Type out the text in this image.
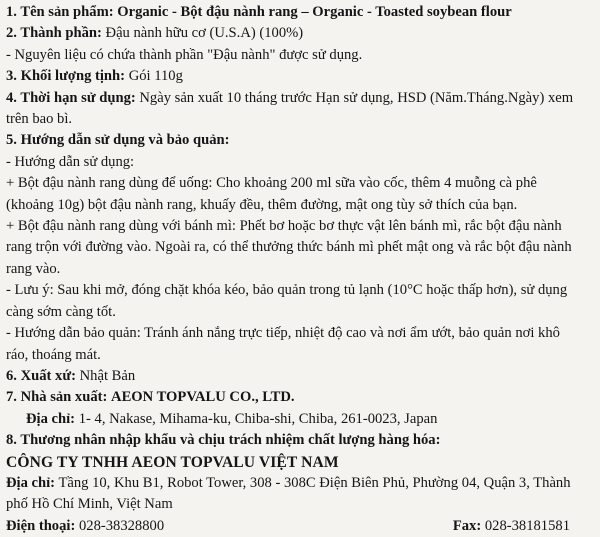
1. Tên sản phẩm: Organic - Bột đậu nành rang – Organic - Toasted soybean flour
2. Thành phần: Đậu nành hữu cơ (U.S.A) (100%)
- Nguyên liệu có chứa thành phần "Đậu nành" được sử dụng.
3. Khối lượng tịnh: Gói 110g
4. Thời hạn sử dụng: Ngày sản xuất 10 tháng trước Hạn sử dụng, HSD (Năm.Tháng.Ngày) xem
trên bao bì.
5. Hướng dẫn sử dụng và bảo quản:
- Hướng dẫn sử dụng:
+ Bột đậu nành rang dùng để uống: Cho khoảng 200 ml sữa vào cốc, thêm 4 muỗng cà phê
(khoảng 10g) bột đậu nành rang, khuấy đều, thêm đường, mật ong tùy sở thích của bạn.
+ Bột đậu nành rang dùng với bánh mì: Phết bơ hoặc bơ thực vật lên bánh mì, rắc bột đậu nành
rang trộn với đường vào. Ngoài ra, có thể thưởng thức bánh mì phết mật ong và rắc bột đậu nành
rang vào.
- Lưu ý: Sau khi mở, đóng chặt khóa kéo, bảo quản trong tủ lạnh (10°C hoặc thấp hơn), sử dụng
càng sớm càng tốt.
- Hướng dẫn bảo quản: Tránh ánh nắng trực tiếp, nhiệt độ cao và nơi ẩm ướt, bảo quản nơi khô
ráo, thoáng mát.
6. Xuất xứ: Nhật Bản
7. Nhà sản xuất: AEON TOPVALU CO., LTD.
Địa chỉ: 1- 4, Nakase, Mihama-ku, Chiba-shi, Chiba, 261-0023, Japan
8. Thương nhân nhập khẩu và chịu trách nhiệm chất lượng hàng hóa:
CÔNG TY TNHH AEON TOPVALU VIỆT NAM
Địa chỉ: Tầng 10, Khu B1, Robot Tower, 308 - 308C Điện Biên Phủ, Phường 04, Quận 3, Thành
phố Hồ Chí Minh, Việt Nam
Điện thoại: 028-38328800	Fax: 028-38181581
